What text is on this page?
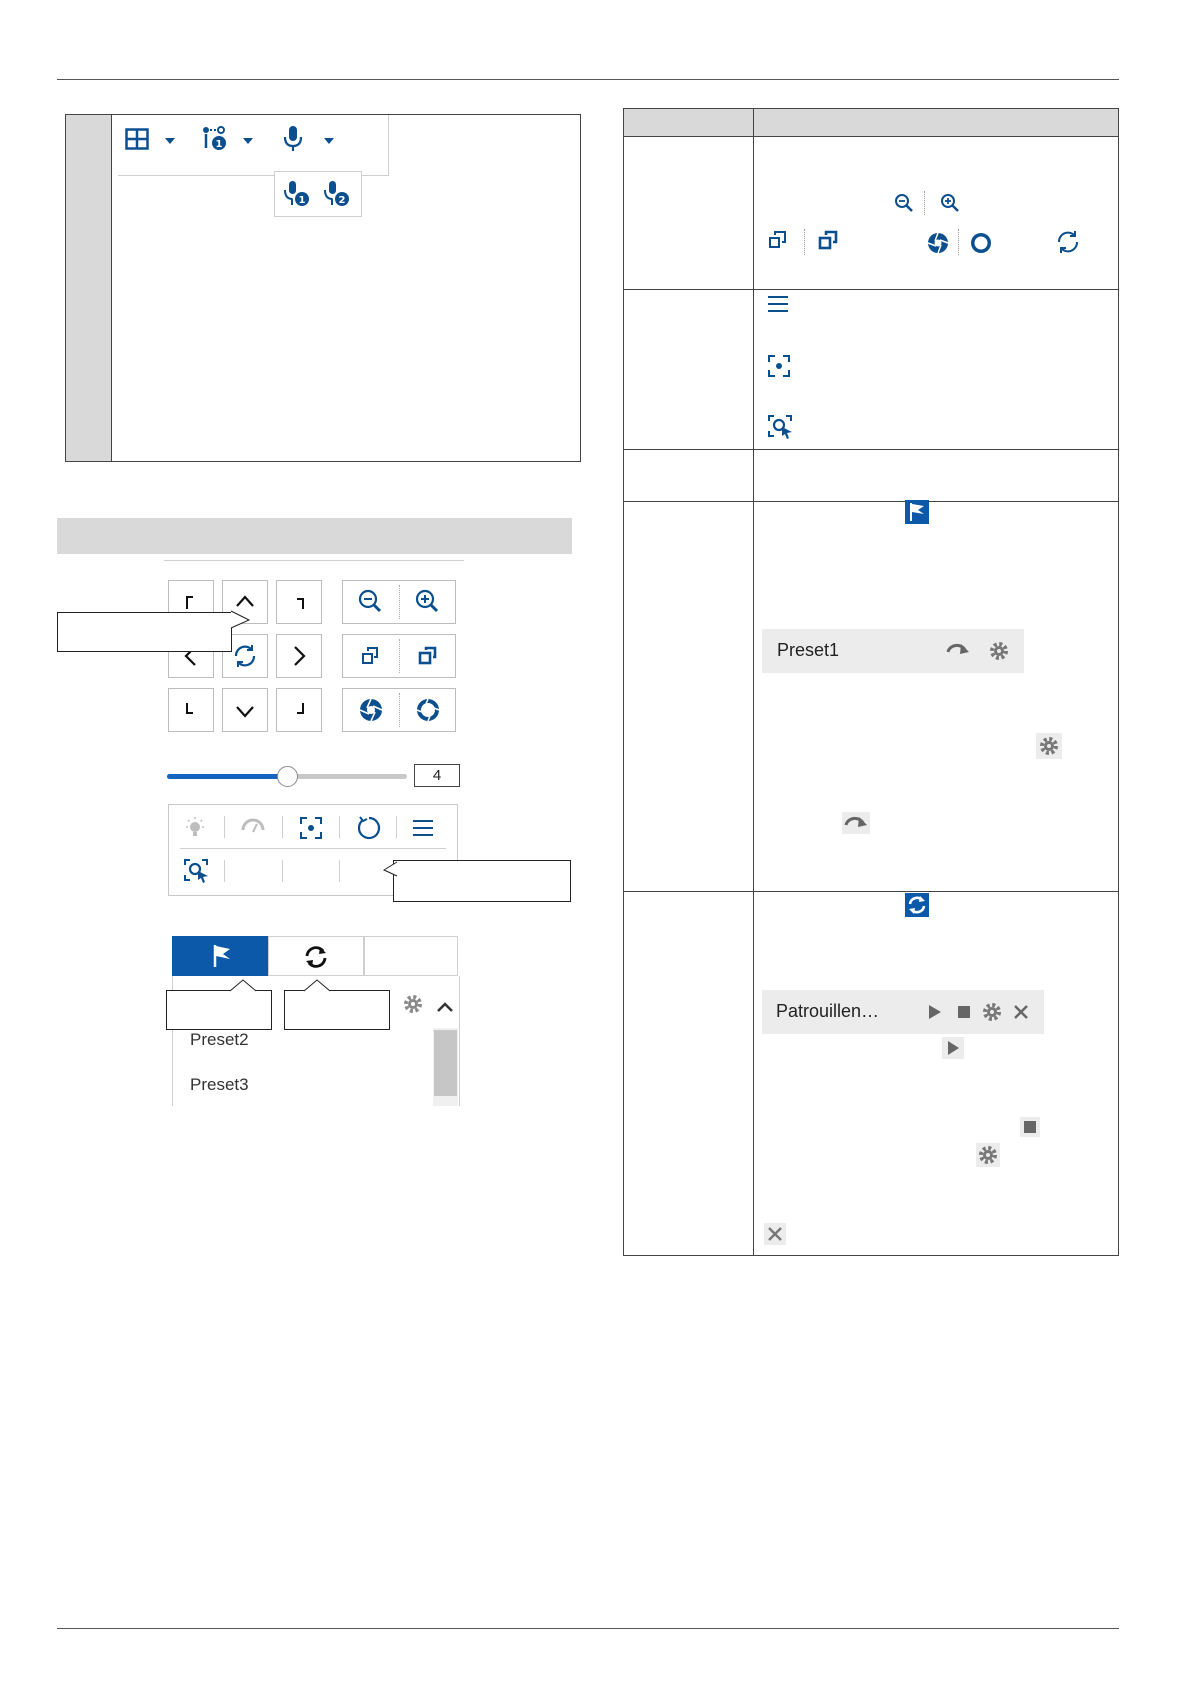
1
1	2
4
Preset2
Preset3
Preset1
Patrouillen…
